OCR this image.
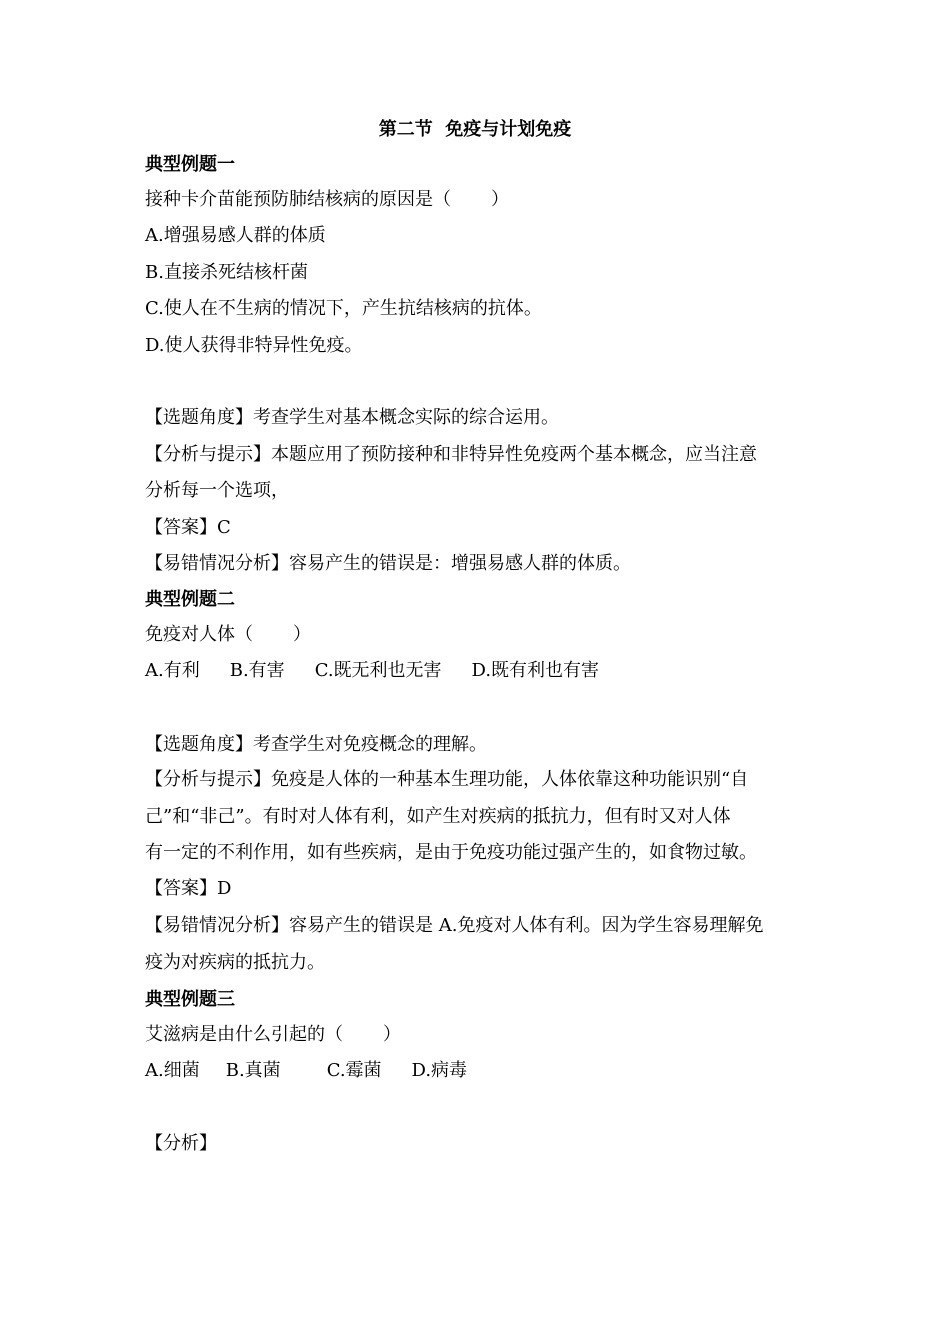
第二节  免疫与计划免疫
典型例题一
接种卡介苗能预防肺结核病的原因是（       ）
A.增强易感人群的体质
B.直接杀死结核杆菌
C.使人在不生病的情况下，产生抗结核病的抗体。
D.使人获得非特异性免疫。
【选题角度】考查学生对基本概念实际的综合运用。
【分析与提示】本题应用了预防接种和非特异性免疫两个基本概念，应当注意
分析每一个选项，
【答案】C
【易错情况分析】容易产生的错误是：增强易感人群的体质。
典型例题二
免疫对人体（       ）
A.有利 B.有害 C.既无利也无害 D.既有利也有害
【选题角度】考查学生对免疫概念的理解。
【分析与提示】免疫是人体的一种基本生理功能，人体依靠这种功能识别“自
己”和“非己”。有时对人体有利，如产生对疾病的抵抗力，但有时又对人体
有一定的不利作用，如有些疾病，是由于免疫功能过强产生的，如食物过敏。
【答案】D
【易错情况分析】容易产生的错误是 A.免疫对人体有利。因为学生容易理解免
疫为对疾病的抵抗力。
典型例题三
艾滋病是由什么引起的（       ）
A.细菌 B.真菌	C.霉菌 D.病毒
【分析】
